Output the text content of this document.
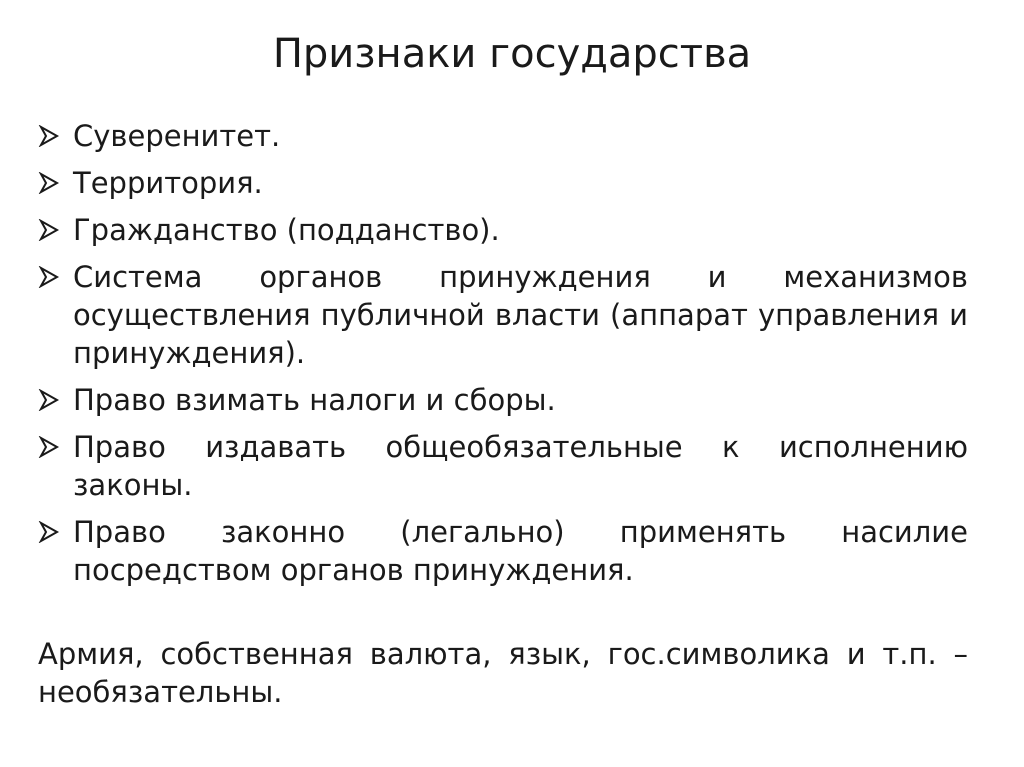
Признаки государства
Суверенитет.
Территория.
Гражданство (подданство).
Система органов принуждения и механизмов осуществления публичной власти (аппарат управления и принуждения).
Право взимать налоги и сборы.
Право издавать общеобязательные к исполнению законы.
Право законно (легально) применять насилие посредством органов принуждения.

Армия, собственная валюта, язык, гос.символика и т.п. – необязательны.
